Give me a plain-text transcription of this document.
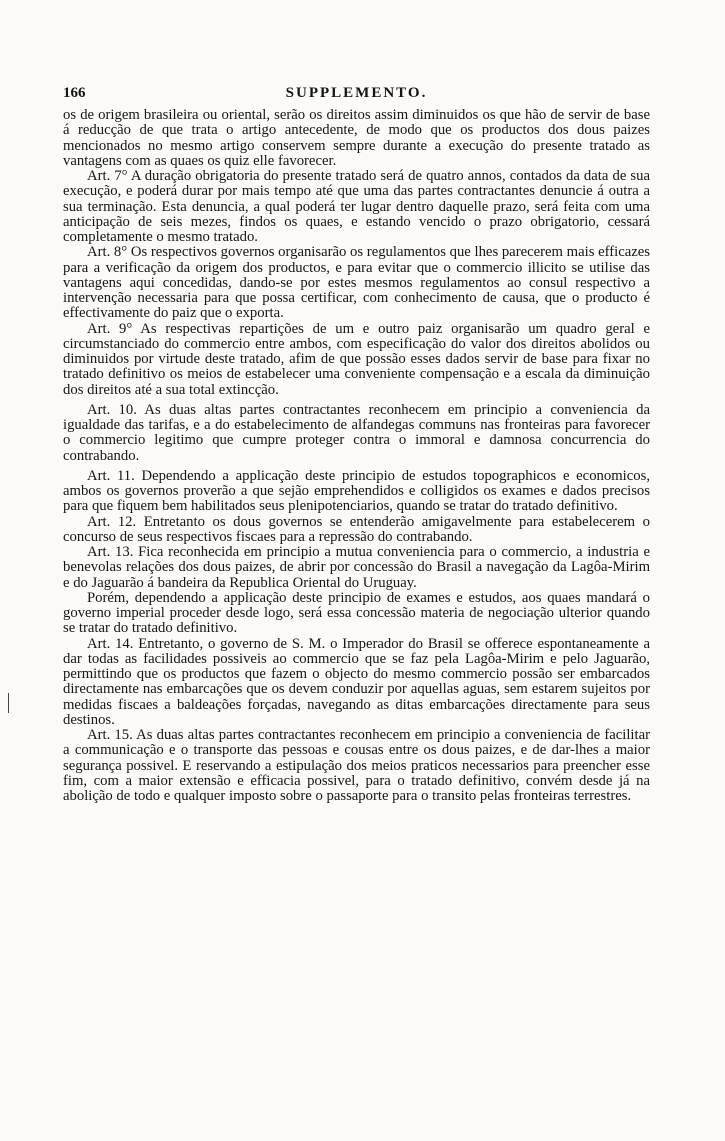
166	SUPPLEMENTO.

os de origem brasileira ou oriental, serão os direitos assim diminuidos os que hão de servir de base á reducção de que trata o artigo antecedente, de modo que os productos dos dous paizes mencionados no mesmo artigo conservem sempre durante a execução do presente tratado as vantagens com as quaes os quiz elle favorecer.

Art. 7° A duração obrigatoria do presente tratado será de quatro annos, contados da data de sua execução, e poderá durar por mais tempo até que uma das partes contractantes denuncie á outra a sua terminação. Esta denuncia, a qual poderá ter lugar dentro daquelle prazo, será feita com uma anticipação de seis mezes, findos os quaes, e estando vencido o prazo obrigatorio, cessará completamente o mesmo tratado.

Art. 8° Os respectivos governos organisarão os regulamentos que lhes parecerem mais efficazes para a verificação da origem dos productos, e para evitar que o commercio illicito se utilise das vantagens aqui concedidas, dando-se por estes mesmos regulamentos ao consul respectivo a intervenção necessaria para que possa certificar, com conhecimento de causa, que o producto é effectivamente do paiz que o exporta.

Art. 9° As respectivas repartições de um e outro paiz organisarão um quadro geral e circumstanciado do commercio entre ambos, com especificação do valor dos direitos abolidos ou diminuidos por virtude deste tratado, afim de que possão esses dados servir de base para fixar no tratado definitivo os meios de estabelecer uma conveniente compensação e a escala da diminuição dos direitos até a sua total extincção.

Art. 10. As duas altas partes contractantes reconhecem em principio a conveniencia da igualdade das tarifas, e a do estabelecimento de alfandegas communs nas fronteiras para favorecer o commercio legitimo que cumpre proteger contra o immoral e damnosa concurrencia do contrabando.

Art. 11. Dependendo a applicação deste principio de estudos topographicos e economicos, ambos os governos proverão a que sejão emprehendidos e colligidos os exames e dados precisos para que fiquem bem habilitados seus plenipotenciarios, quando se tratar do tratado definitivo.

Art. 12. Entretanto os dous governos se entenderão amigavelmente para estabelecerem o concurso de seus respectivos fiscaes para a repressão do contrabando.

Art. 13. Fica reconhecida em principio a mutua conveniencia para o commercio, a industria e benevolas relações dos dous paizes, de abrir por concessão do Brasil a navegação da Lagôa-Mirim e do Jaguarão á bandeira da Republica Oriental do Uruguay.

Porém, dependendo a applicação deste principio de exames e estudos, aos quaes mandará o governo imperial proceder desde logo, será essa concessão materia de negociação ulterior quando se tratar do tratado definitivo.

Art. 14. Entretanto, o governo de S. M. o Imperador do Brasil se offerece espontaneamente a dar todas as facilidades possiveis ao commercio que se faz pela Lagôa-Mirim e pelo Jaguarão, permittindo que os productos que fazem o objecto do mesmo commercio possão ser embarcados directamente nas embarcações que os devem conduzir por aquellas aguas, sem estarem sujeitos por medidas fiscaes a baldeações forçadas, navegando as ditas embarcações directamente para seus destinos.

Art. 15. As duas altas partes contractantes reconhecem em principio a conveniencia de facilitar a communicação e o transporte das pessoas e cousas entre os dous paizes, e de dar-lhes a maior segurança possivel. E reservando a estipulação dos meios praticos necessarios para preencher esse fim, com a maior extensão e efficacia possivel, para o tratado definitivo, convém desde já na abolição de todo e qualquer imposto sobre o passaporte para o transito pelas fronteiras terrestres.
